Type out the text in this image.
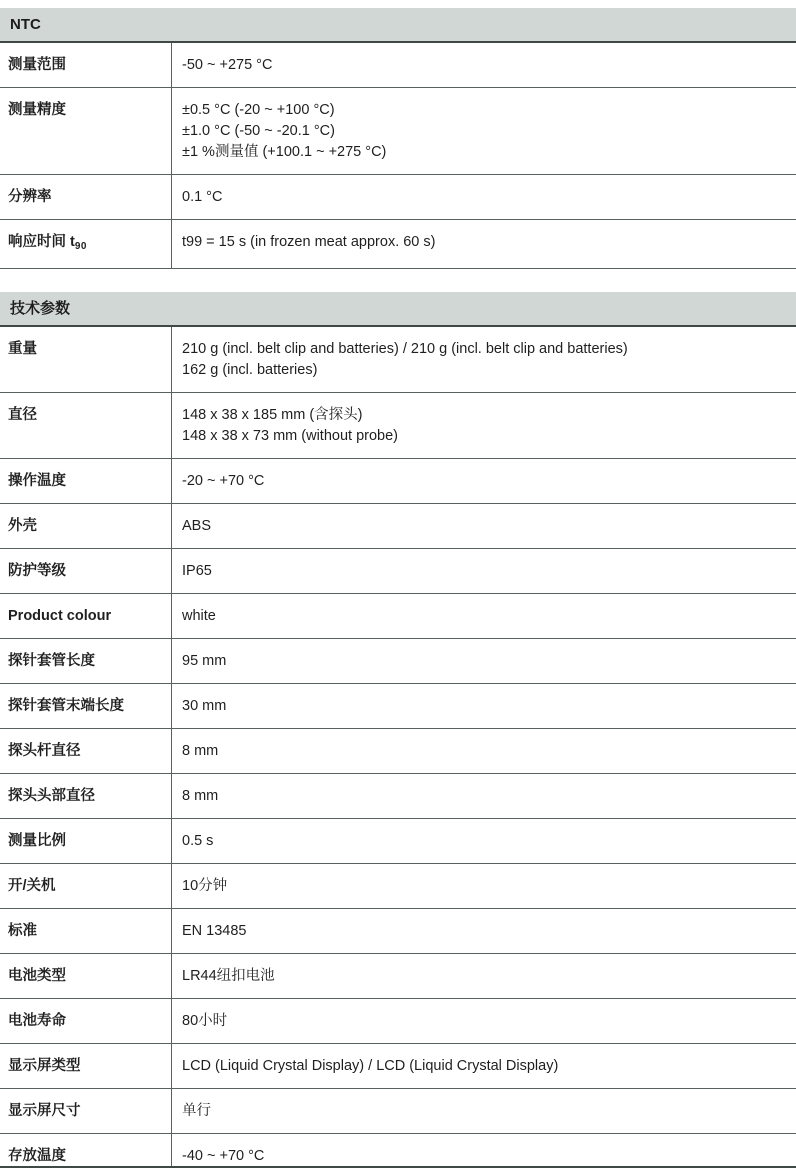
NTC
测量范围	-50 ~ +275 °C
测量精度	±0.5 °C (-20 ~ +100 °C)
±1.0 °C (-50 ~ -20.1 °C)
±1 %测量值 (+100.1 ~ +275 °C)
分辨率	0.1 °C
响应时间 $t_{90}$	t99 = 15 s (in frozen meat approx. 60 s)
技术参数
重量	210 g (incl. belt clip and batteries) / 210 g (incl. belt clip and batteries)
162 g (incl. batteries)
直径	148 x 38 x 185 mm (含探头)
148 x 38 x 73 mm (without probe)
操作温度	-20 ~ +70 °C
外壳	ABS
防护等级	IP65
Product colour	white
探针套管长度	95 mm
探针套管末端长度	30 mm
探头杆直径	8 mm
探头头部直径	8 mm
测量比例	0.5 s
开/关机	10分钟
标准	EN 13485
电池类型	LR44纽扣电池
电池寿命	80小时
显示屏类型	LCD (Liquid Crystal Display) / LCD (Liquid Crystal Display)
显示屏尺寸	单行
存放温度	-40 ~ +70 °C
